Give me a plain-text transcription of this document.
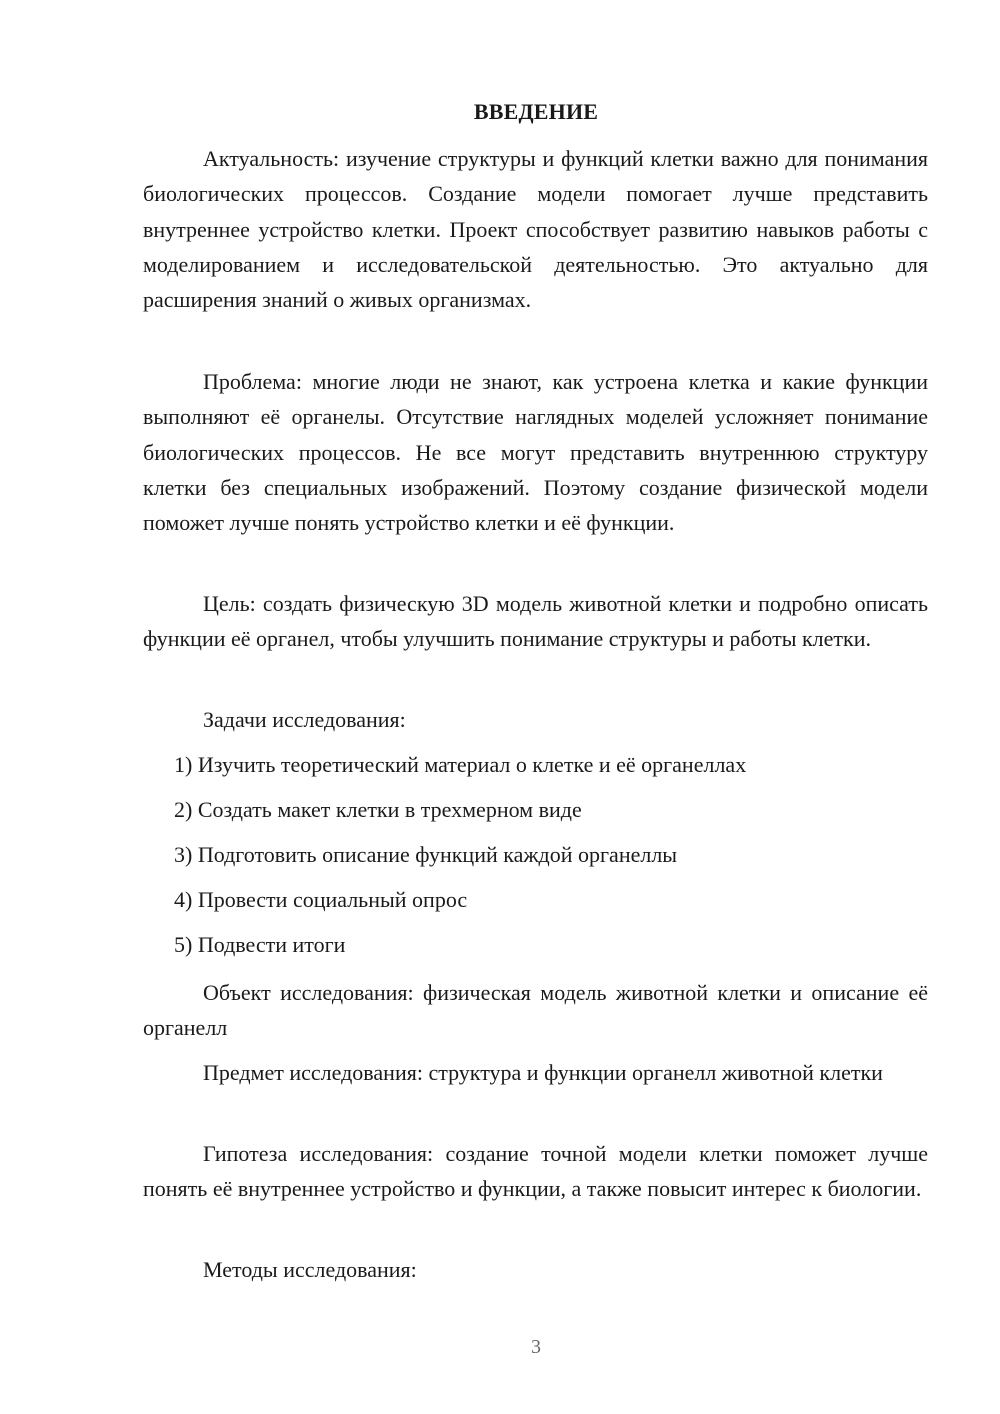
ВВЕДЕНИЕ

Актуальность: изучение структуры и функций клетки важно для понимания биологических процессов. Создание модели помогает лучше представить внутреннее устройство клетки. Проект способствует развитию навыков работы с моделированием и исследовательской деятельностью. Это актуально для расширения знаний о живых организмах.

Проблема: многие люди не знают, как устроена клетка и какие функции выполняют её органелы. Отсутствие наглядных моделей усложняет понимание биологических процессов. Не все могут представить внутреннюю структуру клетки без специальных изображений. Поэтому создание физической модели поможет лучше понять устройство клетки и её функции.

Цель: создать физическую 3D модель животной клетки и подробно описать функции её органел, чтобы улучшить понимание структуры и работы клетки.

Задачи исследования:

1) Изучить теоретический материал о клетке и её органеллах
2) Создать макет клетки в трехмерном виде
3) Подготовить описание функций каждой органеллы
4) Провести социальный опрос
5) Подвести итоги

Объект исследования: физическая модель животной клетки и описание её органелл

Предмет исследования: структура и функции органелл животной клетки

Гипотеза исследования: создание точной модели клетки поможет лучше понять её внутреннее устройство и функции, а также повысит интерес к биологии.

Методы исследования:

3
